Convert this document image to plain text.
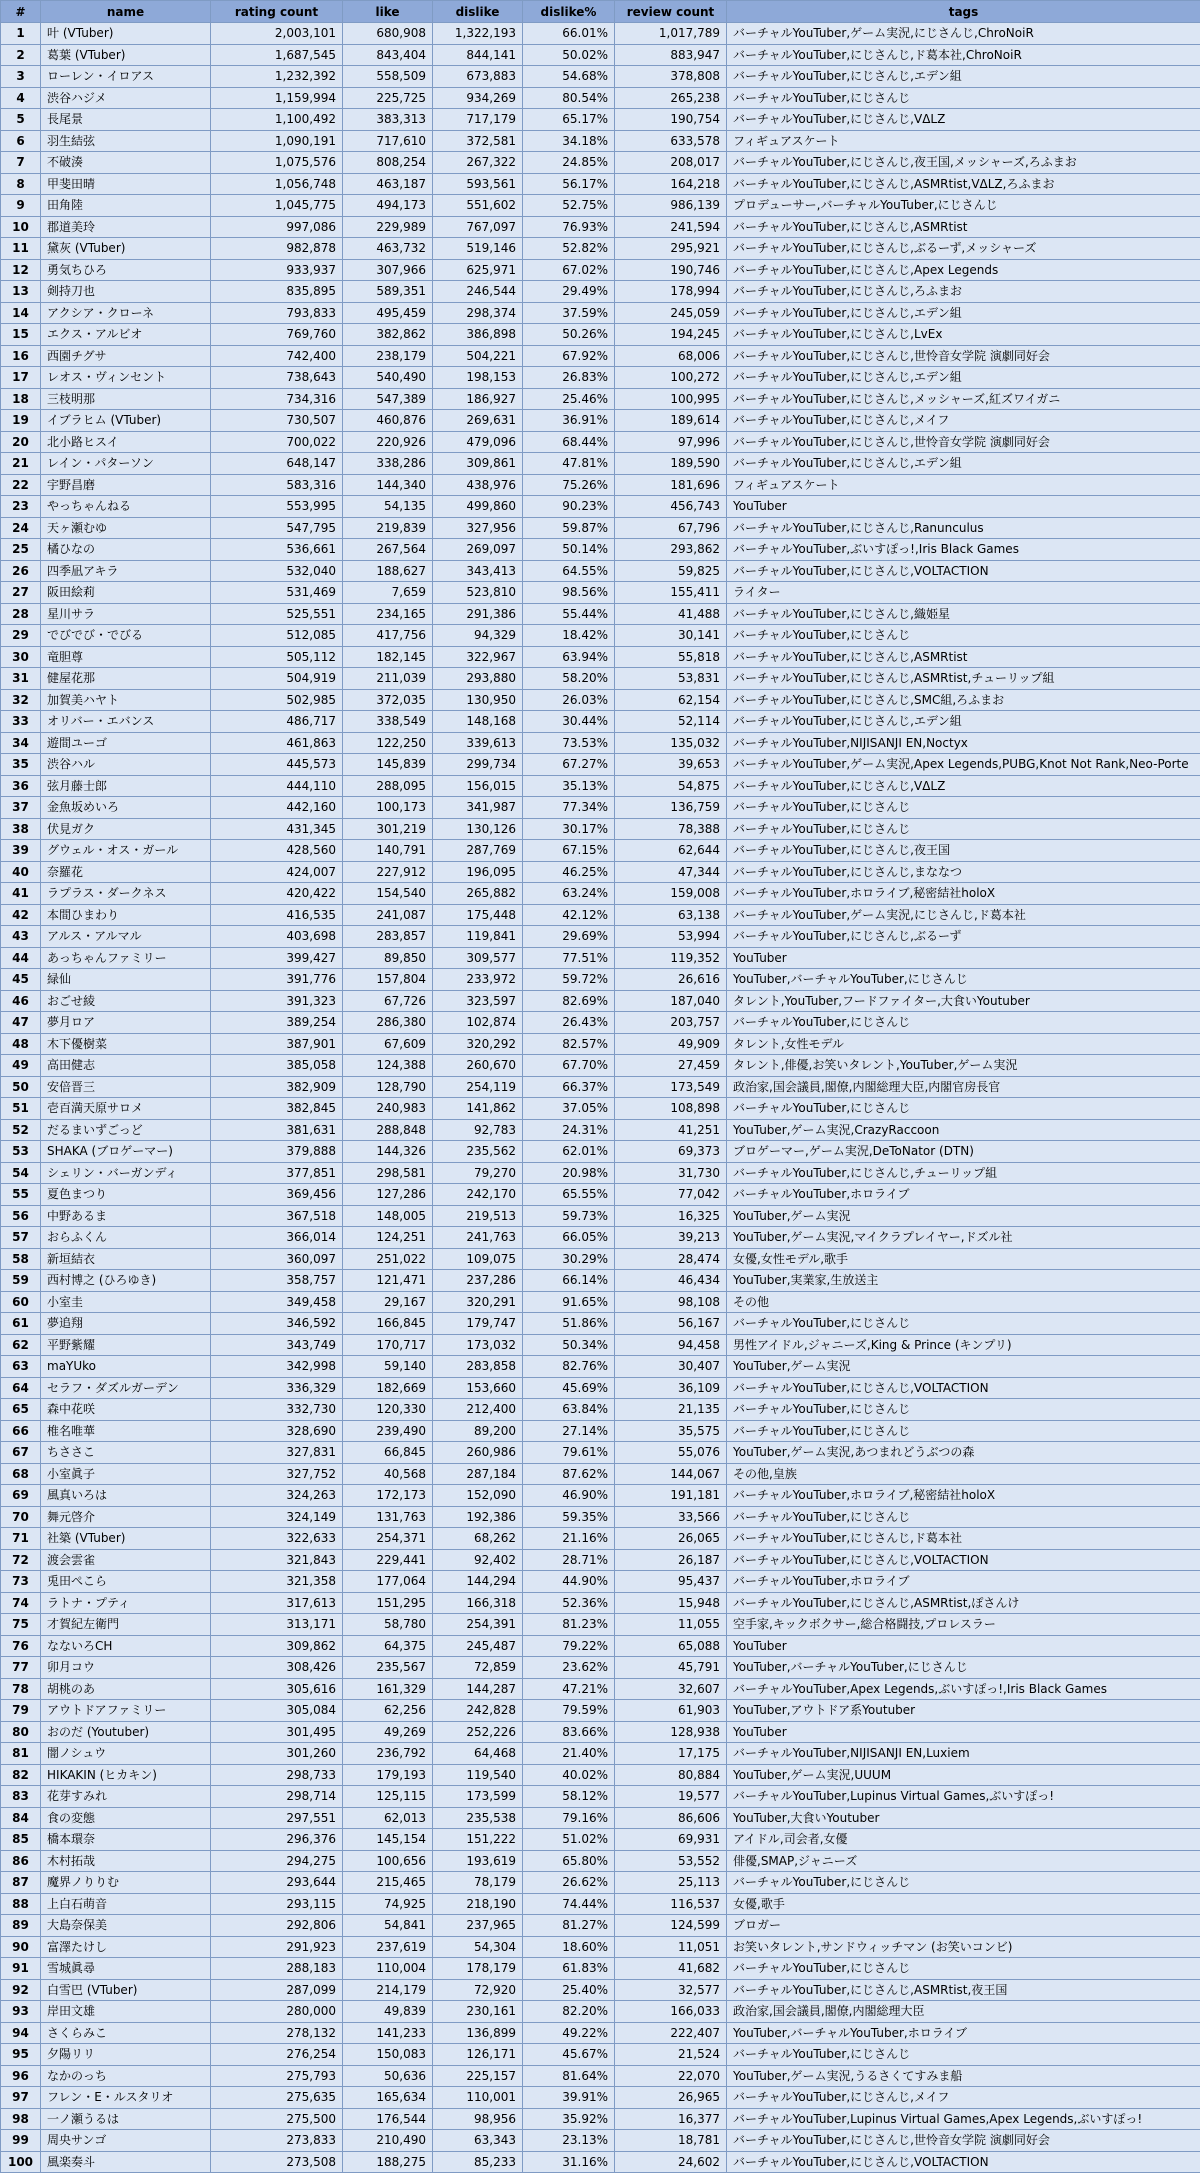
#	name	rating count	like	dislike	dislike%	review count	tags
1	叶 (VTuber)	2,003,101	680,908	1,322,193	66.01%	1,017,789	バーチャルYouTuber,ゲーム実況,にじさんじ,ChroNoiR
2	葛葉 (VTuber)	1,687,545	843,404	844,141	50.02%	883,947	バーチャルYouTuber,にじさんじ,ド葛本社,ChroNoiR
3	ローレン・イロアス	1,232,392	558,509	673,883	54.68%	378,808	バーチャルYouTuber,にじさんじ,エデン組
4	渋谷ハジメ	1,159,994	225,725	934,269	80.54%	265,238	バーチャルYouTuber,にじさんじ
5	長尾景	1,100,492	383,313	717,179	65.17%	190,754	バーチャルYouTuber,にじさんじ,VΔLZ
6	羽生結弦	1,090,191	717,610	372,581	34.18%	633,578	フィギュアスケート
7	不破湊	1,075,576	808,254	267,322	24.85%	208,017	バーチャルYouTuber,にじさんじ,夜王国,メッシャーズ,ろふまお
8	甲斐田晴	1,056,748	463,187	593,561	56.17%	164,218	バーチャルYouTuber,にじさんじ,ASMRtist,VΔLZ,ろふまお
9	田角陸	1,045,775	494,173	551,602	52.75%	986,139	プロデューサー,バーチャルYouTuber,にじさんじ
10	郡道美玲	997,086	229,989	767,097	76.93%	241,594	バーチャルYouTuber,にじさんじ,ASMRtist
11	黛灰 (VTuber)	982,878	463,732	519,146	52.82%	295,921	バーチャルYouTuber,にじさんじ,ぶるーず,メッシャーズ
12	勇気ちひろ	933,937	307,966	625,971	67.02%	190,746	バーチャルYouTuber,にじさんじ,Apex Legends
13	剣持刀也	835,895	589,351	246,544	29.49%	178,994	バーチャルYouTuber,にじさんじ,ろふまお
14	アクシア・クローネ	793,833	495,459	298,374	37.59%	245,059	バーチャルYouTuber,にじさんじ,エデン組
15	エクス・アルビオ	769,760	382,862	386,898	50.26%	194,245	バーチャルYouTuber,にじさんじ,LvEx
16	西園チグサ	742,400	238,179	504,221	67.92%	68,006	バーチャルYouTuber,にじさんじ,世怜音女学院 演劇同好会
17	レオス・ヴィンセント	738,643	540,490	198,153	26.83%	100,272	バーチャルYouTuber,にじさんじ,エデン組
18	三枝明那	734,316	547,389	186,927	25.46%	100,995	バーチャルYouTuber,にじさんじ,メッシャーズ,紅ズワイガニ
19	イブラヒム (VTuber)	730,507	460,876	269,631	36.91%	189,614	バーチャルYouTuber,にじさんじ,メイフ
20	北小路ヒスイ	700,022	220,926	479,096	68.44%	97,996	バーチャルYouTuber,にじさんじ,世怜音女学院 演劇同好会
21	レイン・パターソン	648,147	338,286	309,861	47.81%	189,590	バーチャルYouTuber,にじさんじ,エデン組
22	宇野昌磨	583,316	144,340	438,976	75.26%	181,696	フィギュアスケート
23	やっちゃんねる	553,995	54,135	499,860	90.23%	456,743	YouTuber
24	天ヶ瀬むゆ	547,795	219,839	327,956	59.87%	67,796	バーチャルYouTuber,にじさんじ,Ranunculus
25	橘ひなの	536,661	267,564	269,097	50.14%	293,862	バーチャルYouTuber,ぶいすぽっ!,Iris Black Games
26	四季凪アキラ	532,040	188,627	343,413	64.55%	59,825	バーチャルYouTuber,にじさんじ,VOLTACTION
27	阪田絵莉	531,469	7,659	523,810	98.56%	155,411	ライター
28	星川サラ	525,551	234,165	291,386	55.44%	41,488	バーチャルYouTuber,にじさんじ,織姫星
29	でびでび・でびる	512,085	417,756	94,329	18.42%	30,141	バーチャルYouTuber,にじさんじ
30	竜胆尊	505,112	182,145	322,967	63.94%	55,818	バーチャルYouTuber,にじさんじ,ASMRtist
31	健屋花那	504,919	211,039	293,880	58.20%	53,831	バーチャルYouTuber,にじさんじ,ASMRtist,チューリップ組
32	加賀美ハヤト	502,985	372,035	130,950	26.03%	62,154	バーチャルYouTuber,にじさんじ,SMC組,ろふまお
33	オリバー・エバンス	486,717	338,549	148,168	30.44%	52,114	バーチャルYouTuber,にじさんじ,エデン組
34	遊間ユーゴ	461,863	122,250	339,613	73.53%	135,032	バーチャルYouTuber,NIJISANJI EN,Noctyx
35	渋谷ハル	445,573	145,839	299,734	67.27%	39,653	バーチャルYouTuber,ゲーム実況,Apex Legends,PUBG,Knot Not Rank,Neo-Porte
36	弦月藤士郎	444,110	288,095	156,015	35.13%	54,875	バーチャルYouTuber,にじさんじ,VΔLZ
37	金魚坂めいろ	442,160	100,173	341,987	77.34%	136,759	バーチャルYouTuber,にじさんじ
38	伏見ガク	431,345	301,219	130,126	30.17%	78,388	バーチャルYouTuber,にじさんじ
39	グウェル・オス・ガール	428,560	140,791	287,769	67.15%	62,644	バーチャルYouTuber,にじさんじ,夜王国
40	奈羅花	424,007	227,912	196,095	46.25%	47,344	バーチャルYouTuber,にじさんじ,まななつ
41	ラプラス・ダークネス	420,422	154,540	265,882	63.24%	159,008	バーチャルYouTuber,ホロライブ,秘密結社holoX
42	本間ひまわり	416,535	241,087	175,448	42.12%	63,138	バーチャルYouTuber,ゲーム実況,にじさんじ,ド葛本社
43	アルス・アルマル	403,698	283,857	119,841	29.69%	53,994	バーチャルYouTuber,にじさんじ,ぶるーず
44	あっちゃんファミリー	399,427	89,850	309,577	77.51%	119,352	YouTuber
45	緑仙	391,776	157,804	233,972	59.72%	26,616	YouTuber,バーチャルYouTuber,にじさんじ
46	おごせ綾	391,323	67,726	323,597	82.69%	187,040	タレント,YouTuber,フードファイター,大食いYoutuber
47	夢月ロア	389,254	286,380	102,874	26.43%	203,757	バーチャルYouTuber,にじさんじ
48	木下優樹菜	387,901	67,609	320,292	82.57%	49,909	タレント,女性モデル
49	高田健志	385,058	124,388	260,670	67.70%	27,459	タレント,俳優,お笑いタレント,YouTuber,ゲーム実況
50	安倍晋三	382,909	128,790	254,119	66.37%	173,549	政治家,国会議員,閣僚,内閣総理大臣,内閣官房長官
51	壱百満天原サロメ	382,845	240,983	141,862	37.05%	108,898	バーチャルYouTuber,にじさんじ
52	だるまいずごっど	381,631	288,848	92,783	24.31%	41,251	YouTuber,ゲーム実況,CrazyRaccoon
53	SHAKA (ブロゲーマー)	379,888	144,326	235,562	62.01%	69,373	ブロゲーマー,ゲーム実況,DeToNator (DTN)
54	シェリン・バーガンディ	377,851	298,581	79,270	20.98%	31,730	バーチャルYouTuber,にじさんじ,チューリップ組
55	夏色まつり	369,456	127,286	242,170	65.55%	77,042	バーチャルYouTuber,ホロライブ
56	中野あるま	367,518	148,005	219,513	59.73%	16,325	YouTuber,ゲーム実況
57	おらふくん	366,014	124,251	241,763	66.05%	39,213	YouTuber,ゲーム実況,マイクラプレイヤー,ドズル社
58	新垣結衣	360,097	251,022	109,075	30.29%	28,474	女優,女性モデル,歌手
59	西村博之 (ひろゆき)	358,757	121,471	237,286	66.14%	46,434	YouTuber,実業家,生放送主
60	小室圭	349,458	29,167	320,291	91.65%	98,108	その他
61	夢追翔	346,592	166,845	179,747	51.86%	56,167	バーチャルYouTuber,にじさんじ
62	平野紫耀	343,749	170,717	173,032	50.34%	94,458	男性アイドル,ジャニーズ,King & Prince (キンプリ)
63	maYUko	342,998	59,140	283,858	82.76%	30,407	YouTuber,ゲーム実況
64	セラフ・ダズルガーデン	336,329	182,669	153,660	45.69%	36,109	バーチャルYouTuber,にじさんじ,VOLTACTION
65	森中花咲	332,730	120,330	212,400	63.84%	21,135	バーチャルYouTuber,にじさんじ
66	椎名唯華	328,690	239,490	89,200	27.14%	35,575	バーチャルYouTuber,にじさんじ
67	ちささこ	327,831	66,845	260,986	79.61%	55,076	YouTuber,ゲーム実況,あつまれどうぶつの森
68	小室眞子	327,752	40,568	287,184	87.62%	144,067	その他,皇族
69	風真いろは	324,263	172,173	152,090	46.90%	191,181	バーチャルYouTuber,ホロライブ,秘密結社holoX
70	舞元啓介	324,149	131,763	192,386	59.35%	33,566	バーチャルYouTuber,にじさんじ
71	社築 (VTuber)	322,633	254,371	68,262	21.16%	26,065	バーチャルYouTuber,にじさんじ,ド葛本社
72	渡会雲雀	321,843	229,441	92,402	28.71%	26,187	バーチャルYouTuber,にじさんじ,VOLTACTION
73	兎田ぺこら	321,358	177,064	144,294	44.90%	95,437	バーチャルYouTuber,ホロライブ
74	ラトナ・プティ	317,613	151,295	166,318	52.36%	15,948	バーチャルYouTuber,にじさんじ,ASMRtist,ぽさんけ
75	才賀紀左衛門	313,171	58,780	254,391	81.23%	11,055	空手家,キックボクサー,総合格闘技,プロレスラー
76	なないろCH	309,862	64,375	245,487	79.22%	65,088	YouTuber
77	卯月コウ	308,426	235,567	72,859	23.62%	45,791	YouTuber,バーチャルYouTuber,にじさんじ
78	胡桃のあ	305,616	161,329	144,287	47.21%	32,607	バーチャルYouTuber,Apex Legends,ぶいすぽっ!,Iris Black Games
79	アウトドアファミリー	305,084	62,256	242,828	79.59%	61,903	YouTuber,アウトドア系Youtuber
80	おのだ (Youtuber)	301,495	49,269	252,226	83.66%	128,938	YouTuber
81	闇ノシュウ	301,260	236,792	64,468	21.40%	17,175	バーチャルYouTuber,NIJISANJI EN,Luxiem
82	HIKAKIN (ヒカキン)	298,733	179,193	119,540	40.02%	80,884	YouTuber,ゲーム実況,UUUM
83	花芽すみれ	298,714	125,115	173,599	58.12%	19,577	バーチャルYouTuber,Lupinus Virtual Games,ぶいすぽっ!
84	食の変態	297,551	62,013	235,538	79.16%	86,606	YouTuber,大食いYoutuber
85	橋本環奈	296,376	145,154	151,222	51.02%	69,931	アイドル,司会者,女優
86	木村拓哉	294,275	100,656	193,619	65.80%	53,552	俳優,SMAP,ジャニーズ
87	魔界ノりりむ	293,644	215,465	78,179	26.62%	25,113	バーチャルYouTuber,にじさんじ
88	上白石萌音	293,115	74,925	218,190	74.44%	116,537	女優,歌手
89	大島奈保美	292,806	54,841	237,965	81.27%	124,599	ブロガー
90	富澤たけし	291,923	237,619	54,304	18.60%	11,051	お笑いタレント,サンドウィッチマン (お笑いコンビ)
91	雪城眞尋	288,183	110,004	178,179	61.83%	41,682	バーチャルYouTuber,にじさんじ
92	白雪巴 (VTuber)	287,099	214,179	72,920	25.40%	32,577	バーチャルYouTuber,にじさんじ,ASMRtist,夜王国
93	岸田文雄	280,000	49,839	230,161	82.20%	166,033	政治家,国会議員,閣僚,内閣総理大臣
94	さくらみこ	278,132	141,233	136,899	49.22%	222,407	YouTuber,バーチャルYouTuber,ホロライブ
95	夕陽リリ	276,254	150,083	126,171	45.67%	21,524	バーチャルYouTuber,にじさんじ
96	なかのっち	275,793	50,636	225,157	81.64%	22,070	YouTuber,ゲーム実況,うるさくてすみま船
97	フレン・E・ルスタリオ	275,635	165,634	110,001	39.91%	26,965	バーチャルYouTuber,にじさんじ,メイフ
98	一ノ瀬うるは	275,500	176,544	98,956	35.92%	16,377	バーチャルYouTuber,Lupinus Virtual Games,Apex Legends,ぶいすぽっ!
99	周央サンゴ	273,833	210,490	63,343	23.13%	18,781	バーチャルYouTuber,にじさんじ,世怜音女学院 演劇同好会
100	風楽奏斗	273,508	188,275	85,233	31.16%	24,602	バーチャルYouTuber,にじさんじ,VOLTACTION
